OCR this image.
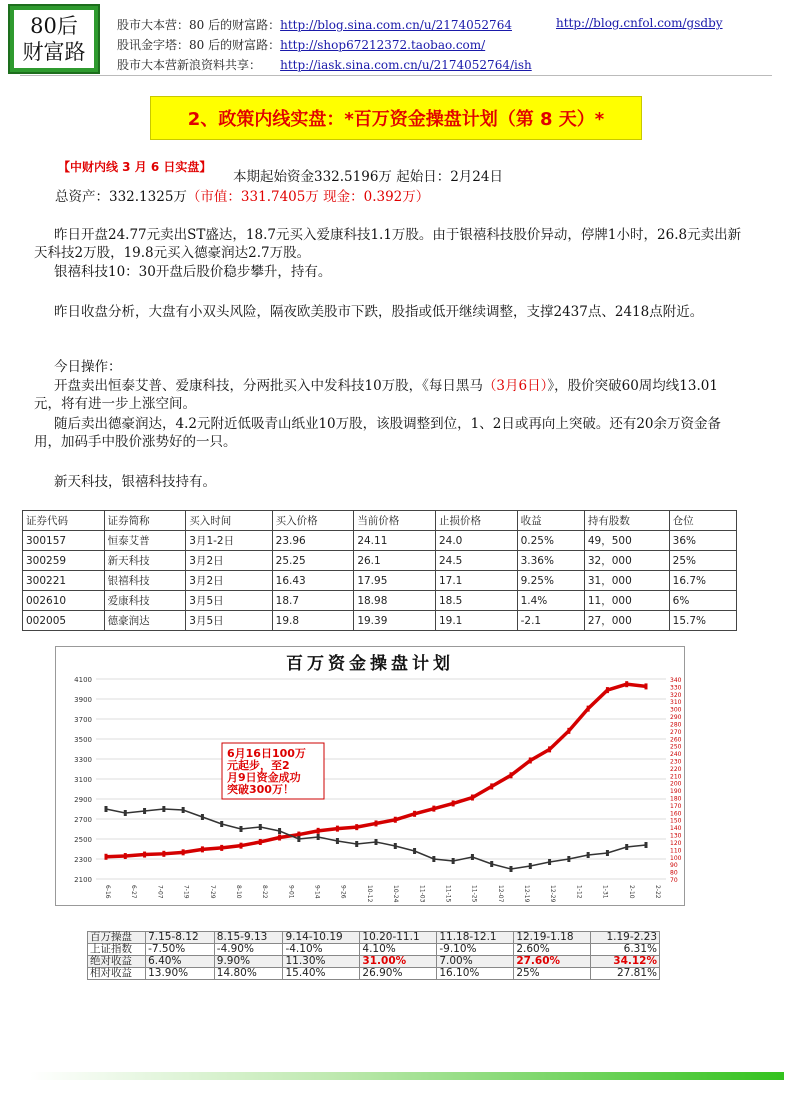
80后
财富路
股市大本营：80 后的财富路：http://blog.sina.com.cn/u/2174052764	http://blog.cnfol.com/gsdby
股讯金字塔：80 后的财富路：http://shop67212372.taobao.com/
股市大本营新浪资料共享： http://iask.sina.com.cn/u/2174052764/ish
2、政策内线实盘：*百万资金操盘计划（第 8 天）*
【中财内线 3 月 6 日实盘】
本期起始资金332.5196万 起始日：2月24日
总资产：332.1325万（市值：331.7405万 现金：0.392万）
昨日开盘24.77元卖出ST盛达，18.7元买入爱康科技1.1万股。由于银禧科技股价异动，停牌1小时，26.8元卖出新天科技2万股，19.8元买入德豪润达2.7万股。
银禧科技10：30开盘后股价稳步攀升，持有。
昨日收盘分析，大盘有小双头风险，隔夜欧美股市下跌，股指或低开继续调整，支撑2437点、2418点附近。
今日操作：
开盘卖出恒泰艾普、爱康科技，分两批买入中发科技10万股，《每日黑马（3月6日）》，股价突破60周均线13.01元，将有进一步上涨空间。
随后卖出德豪润达，4.2元附近低吸青山纸业10万股，该股调整到位，1、2日或再向上突破。还有20余万资金备用，加码手中股价涨势好的一只。
新天科技，银禧科技持有。
证券代码	证券简称	买入时间	买入价格	当前价格	止损价格	收益	持有股数	仓位
300157	恒泰艾普	3月1-2日	23.96	24.11	24.0	0.25%	49，500	36%
300259	新天科技	3月2日	25.25	26.1	24.5	3.36%	32，000	25%
300221	银禧科技	3月2日	16.43	17.95	17.1	9.25%	31，000	16.7%
002610	爱康科技	3月5日	18.7	18.98	18.5	1.4%	11，000	6%
002005	德豪润达	3月5日	19.8	19.39	19.1	-2.1	27，000	15.7%
百万资金操盘计划
4100
3900
3700
3500
3300
3100
2900
2700
2500
2300
2100
340
330
320
310
300
290
280
270
260
250
240
230
220
210
200
190
180
170
160
150
140
130
120
110
100
90
80
70
6-16	6-27	7-07	7-19	7-29	8-10	8-22	9-01	9-14	9-26	10-12	10-24	11-03	11-15	11-25	12-07	12-19	12-29	1-12	1-31	2-10	2-22
6月16日100万
元起步，至2
月9日资金成功
突破300万！
百万操盘	7.15-8.12	8.15-9.13	9.14-10.19	10.20-11.1	11.18-12.1	12.19-1.18	1.19-2.23
上证指数	-7.50%	-4.90%	-4.10%	4.10%	-9.10%	2.60%	6.31%
绝对收益	6.40%	9.90%	11.30%	31.00%	7.00%	27.60%	34.12%
相对收益	13.90%	14.80%	15.40%	26.90%	16.10%	25%	27.81%
